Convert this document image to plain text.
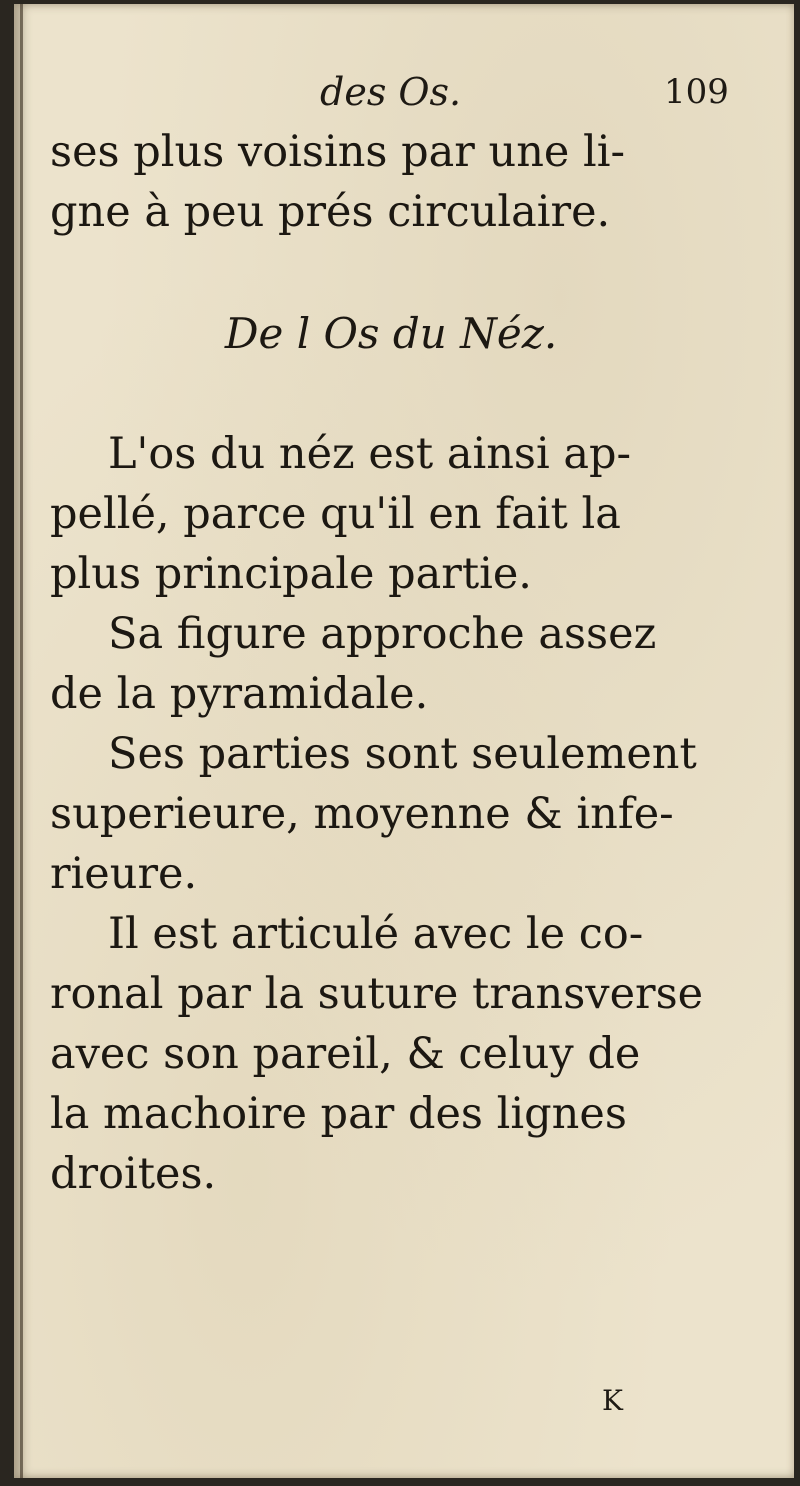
des Os.	109
ses plus voisins par une li-
gne à peu prés circulaire.
De l Os du Néz.
L'os du néz est ainsi ap-
pellé, parce qu'il en fait la
plus principale partie.
Sa figure approche assez
de la pyramidale.
Ses parties sont seulement
superieure, moyenne & infe-
rieure.
Il est articulé avec le co-
ronal par la suture transverse
avec son pareil, & celuy de
la machoire par des lignes
droites.
K
